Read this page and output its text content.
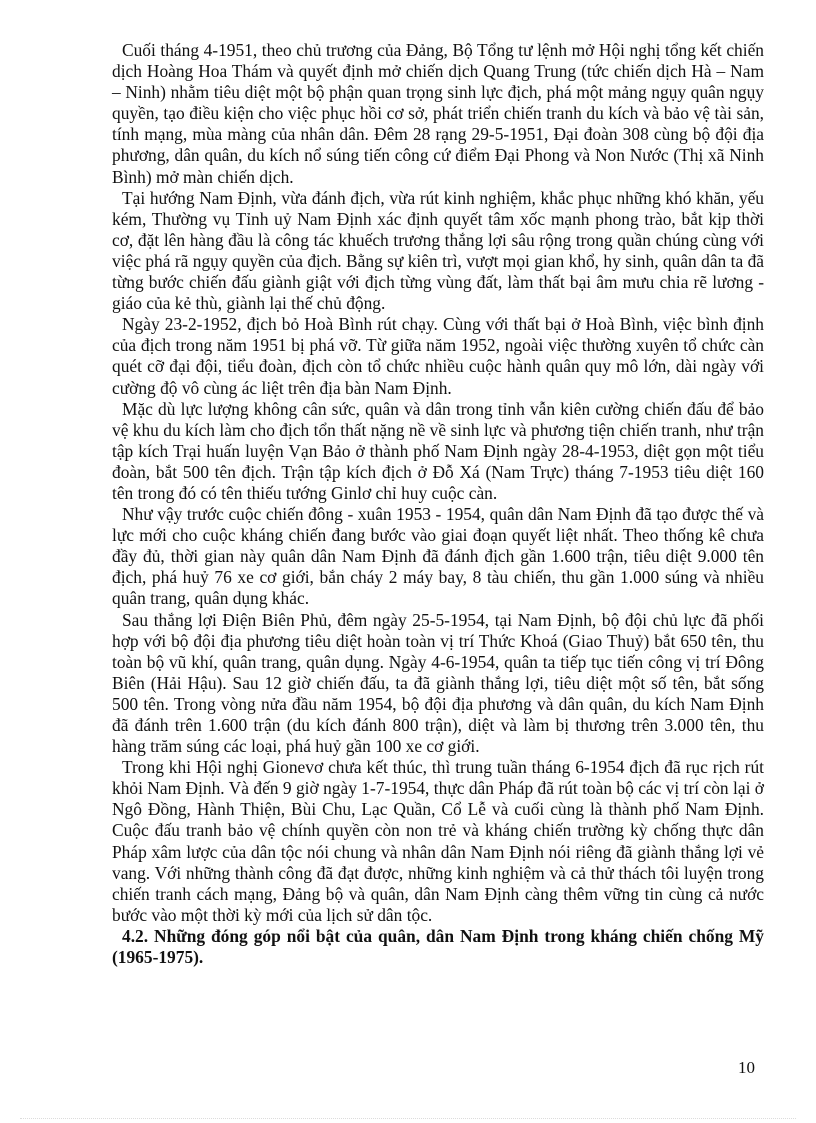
Cuối tháng 4-1951, theo chủ trương của Đảng, Bộ Tổng tư lệnh mở Hội nghị tổng kết chiến dịch Hoàng Hoa Thám và quyết định mở chiến dịch Quang Trung (tức chiến dịch Hà – Nam – Ninh) nhằm tiêu diệt một bộ phận quan trọng sinh lực địch, phá một mảng ngụy quân ngụy quyền, tạo điều kiện cho việc phục hồi cơ sở, phát triển chiến tranh du kích và bảo vệ tài sản, tính mạng, mùa màng của nhân dân. Đêm 28 rạng 29-5-1951, Đại đoàn 308 cùng bộ đội địa phương, dân quân, du kích nổ súng tiến công cứ điểm Đại Phong và Non Nước (Thị xã Ninh Bình) mở màn chiến dịch.

Tại hướng Nam Định, vừa đánh địch, vừa rút kinh nghiệm, khắc phục những khó khăn, yếu kém, Thường vụ Tỉnh uỷ Nam Định xác định quyết tâm xốc mạnh phong trào, bắt kịp thời cơ, đặt lên hàng đầu là công tác khuếch trương thắng lợi sâu rộng trong quần chúng cùng với việc phá rã ngụy quyền của địch. Bằng sự kiên trì, vượt mọi gian khổ, hy sinh, quân dân ta đã từng bước chiến đấu giành giật với địch từng vùng đất, làm thất bại âm mưu chia rẽ lương - giáo của kẻ thù, giành lại thế chủ động.

Ngày 23-2-1952, địch bỏ Hoà Bình rút chạy. Cùng với thất bại ở Hoà Bình, việc bình định của địch trong năm 1951 bị phá vỡ. Từ giữa năm 1952, ngoài việc thường xuyên tổ chức càn quét cỡ đại đội, tiểu đoàn, địch còn tổ chức nhiều cuộc hành quân quy mô lớn, dài ngày với cường độ vô cùng ác liệt trên địa bàn Nam Định.

Mặc dù lực lượng không cân sức, quân và dân trong tỉnh vẫn kiên cường chiến đấu để bảo vệ khu du kích làm cho địch tổn thất nặng nề về sinh lực và phương tiện chiến tranh, như trận tập kích Trại huấn luyện Vạn Bảo ở thành phố Nam Định ngày 28-4-1953, diệt gọn một tiểu đoàn, bắt 500 tên địch. Trận tập kích địch ở Đỗ Xá (Nam Trực) tháng 7-1953 tiêu diệt 160 tên trong đó có tên thiếu tướng Ginlơ chỉ huy cuộc càn.

Như vậy trước cuộc chiến đông - xuân 1953 - 1954, quân dân Nam Định đã tạo được thế và lực mới cho cuộc kháng chiến đang bước vào giai đoạn quyết liệt nhất. Theo thống kê chưa đầy đủ, thời gian này quân dân Nam Định đã đánh địch gần 1.600 trận, tiêu diệt 9.000 tên địch, phá huỷ 76 xe cơ giới, bắn cháy 2 máy bay, 8 tàu chiến, thu gần 1.000 súng và nhiều quân trang, quân dụng khác.

Sau thắng lợi Điện Biên Phủ, đêm ngày 25-5-1954, tại Nam Định, bộ đội chủ lực đã phối hợp với bộ đội địa phương tiêu diệt hoàn toàn vị trí Thức Khoá (Giao Thuỷ) bắt 650 tên, thu toàn bộ vũ khí, quân trang, quân dụng. Ngày 4-6-1954, quân ta tiếp tục tiến công vị trí Đông Biên (Hải Hậu). Sau 12 giờ chiến đấu, ta đã giành thắng lợi, tiêu diệt một số tên, bắt sống 500 tên. Trong vòng nửa đầu năm 1954, bộ đội địa phương và dân quân, du kích Nam Định đã đánh trên 1.600 trận (du kích đánh 800 trận), diệt và làm bị thương trên 3.000 tên, thu hàng trăm súng các loại, phá huỷ gần 100 xe cơ giới.

Trong khi Hội nghị Gionevơ chưa kết thúc, thì trung tuần tháng 6-1954 địch đã rục rịch rút khỏi Nam Định. Và đến 9 giờ ngày 1-7-1954, thực dân Pháp đã rút toàn bộ các vị trí còn lại ở Ngô Đồng, Hành Thiện, Bùi Chu, Lạc Quần, Cổ Lễ và cuối cùng là thành phố Nam Định. Cuộc đấu tranh bảo vệ chính quyền còn non trẻ và kháng chiến trường kỳ chống thực dân Pháp xâm lược của dân tộc nói chung và nhân dân Nam Định nói riêng đã giành thắng lợi vẻ vang. Với những thành công đã đạt được, những kinh nghiệm và cả thử thách tôi luyện trong chiến tranh cách mạng, Đảng bộ và quân, dân Nam Định càng thêm vững tin cùng cả nước bước vào một thời kỳ mới của lịch sử dân tộc.

4.2. Những đóng góp nổi bật của quân, dân Nam Định trong kháng chiến chống Mỹ (1965-1975).

10
